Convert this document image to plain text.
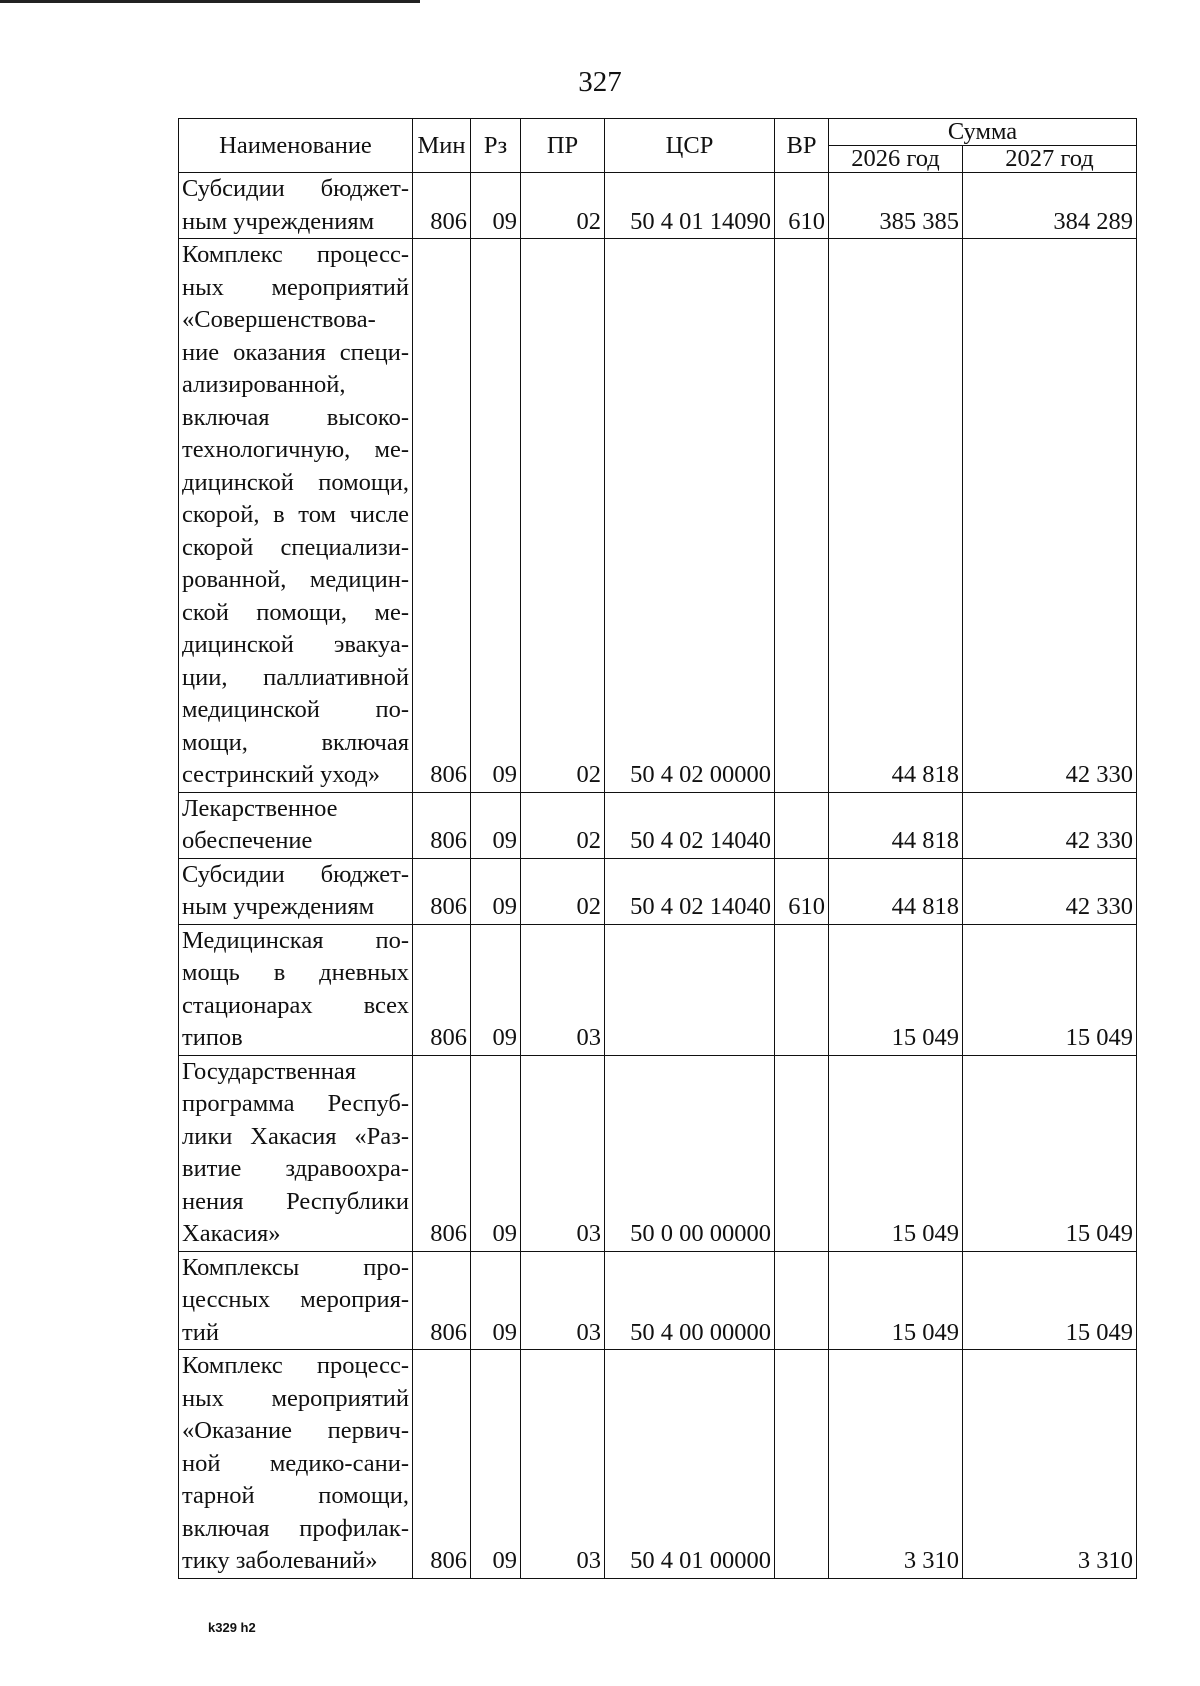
327
Наименование	Мин	Рз	ПР	ЦСР	ВР	Сумма	
						2026 год	2027 год
Субсидии бюджет-ным учреждениям	806	09	02	50 4 01 14090	610	385 385	384 289
Комплекс процесс-ных мероприятий «Совершенствова-ние оказания специ-ализированной, включая высоко-технологичную, ме-дицинской помощи, скорой, в том числе скорой специализи-рованной, медицин-ской помощи, ме-дицинской эвакуа-ции, паллиативной медицинской по-мощи, включая сестринский уход»	806	09	02	50 4 02 00000		44 818	42 330
Лекарственное обеспечение	806	09	02	50 4 02 14040		44 818	42 330
Субсидии бюджет-ным учреждениям	806	09	02	50 4 02 14040	610	44 818	42 330
Медицинская по-мощь в дневных стационарах всех типов	806	09	03			15 049	15 049
Государственная программа Респуб-лики Хакасия «Раз-витие здравоохра-нения Республики Хакасия»	806	09	03	50 0 00 00000		15 049	15 049
Комплексы про-цессных мероприя-тий	806	09	03	50 4 00 00000		15 049	15 049
Комплекс процесс-ных мероприятий «Оказание первич-ной медико-сани-тарной помощи, включая профилак-тику заболеваний»	806	09	03	50 4 01 00000		3 310	3 310
k329 h2
